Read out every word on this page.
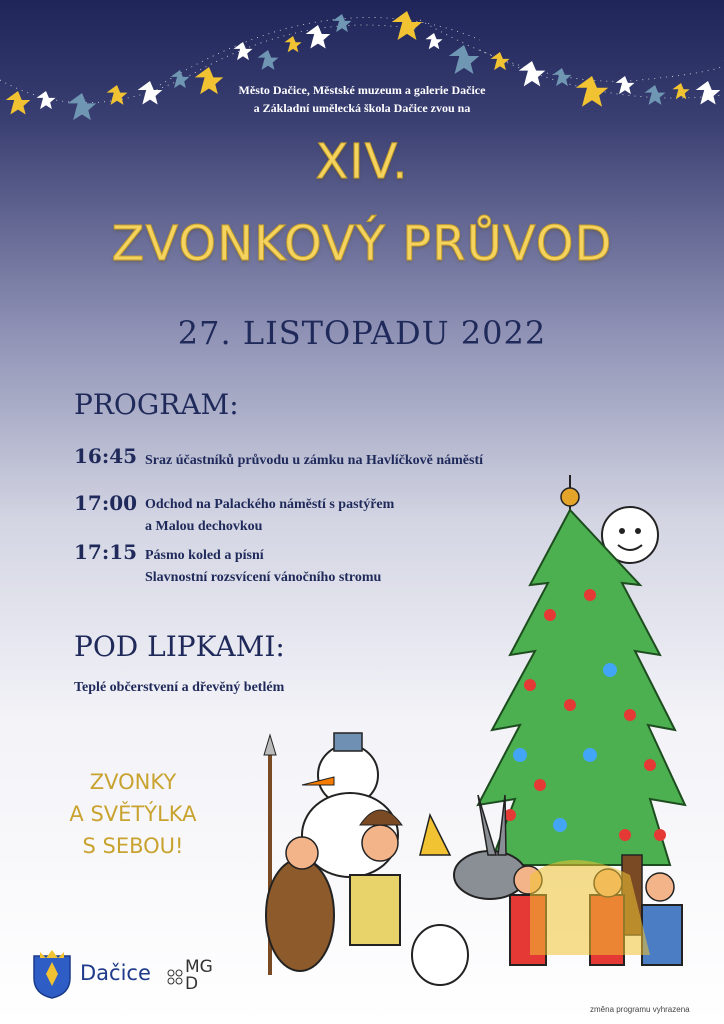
Město Dačice, Městské muzeum a galerie Dačice
a Základní umělecká škola Dačice zvou na
XIV.
ZVONKOVÝ PRŮVOD
27. LISTOPADU 2022
PROGRAM:
16:45 Sraz účastníků průvodu u zámku na Havlíčkově náměstí
17:00 Odchod na Palackého náměstí s pastýřem
a Malou dechovkou
17:15 Pásmo koled a písní
Slavnostní rozsvícení vánočního stromu
POD LIPKAMI:
Teplé občerstvení a dřevěný betlém
ZVONKY
A SVĚTÝLKA
S SEBOU!
Dačice MG D
změna programu vyhrazena
